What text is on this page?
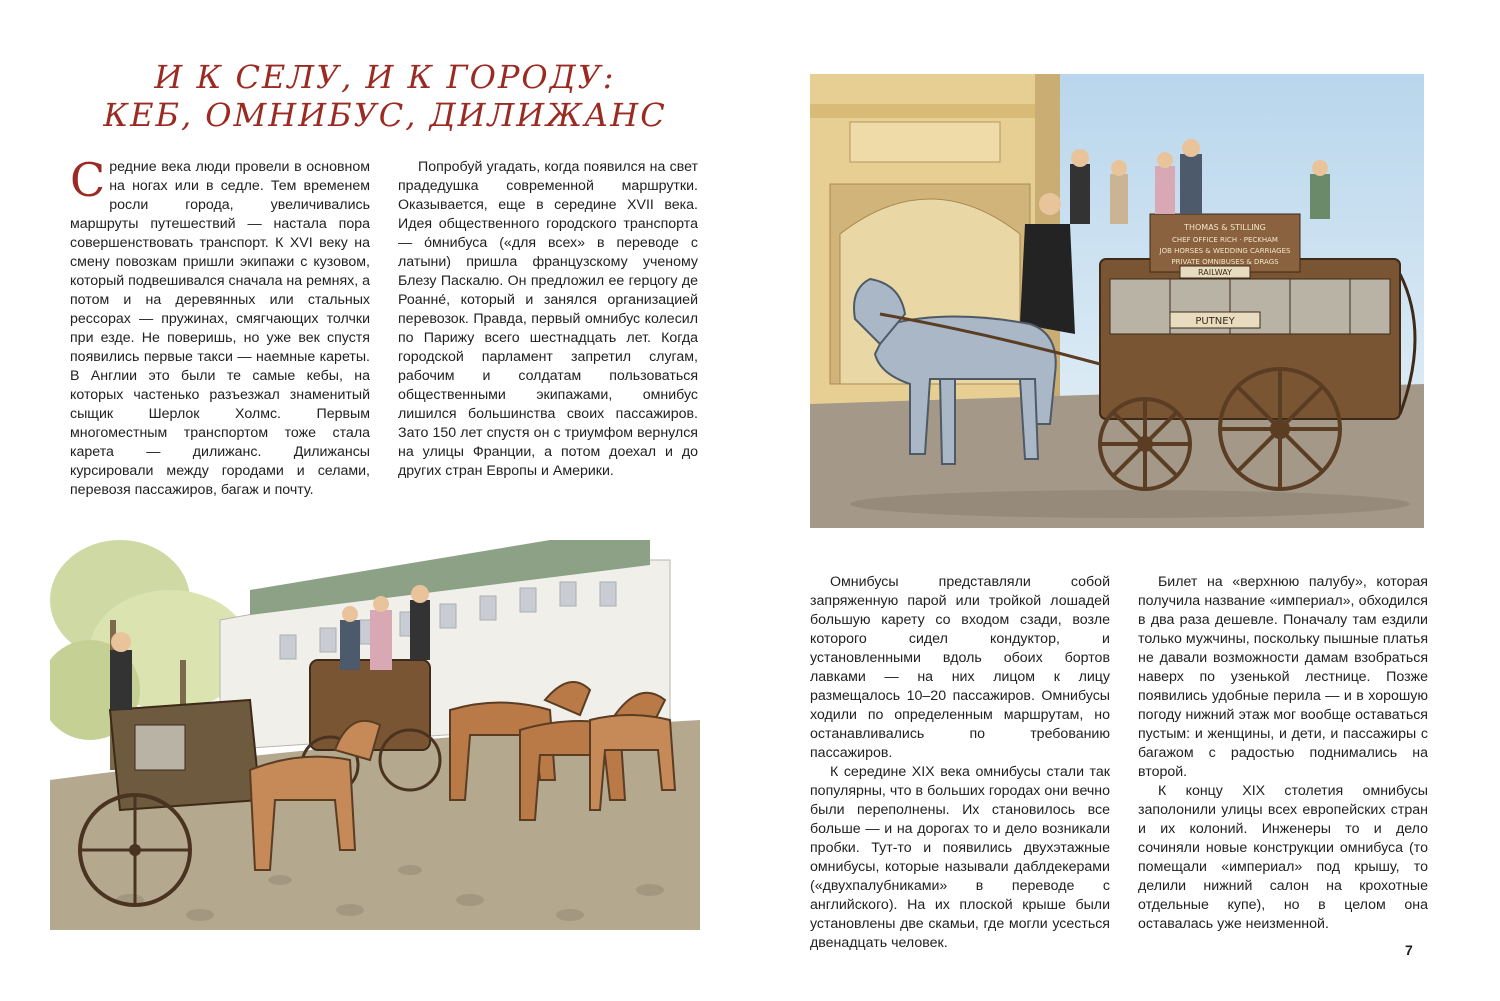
И К СЕЛУ, И К ГОРОДУ:
КЕБ, ОМНИБУС, ДИЛИЖАНС

Средние века люди провели в основном на ногах или в седле. Тем временем росли города, увеличивались маршруты путешествий — настала пора совершенствовать транспорт. К XVI веку на смену повозкам пришли экипажи с кузовом, который подвешивался сначала на ремнях, а потом и на деревянных или стальных рессорах — пружинах, смягчающих толчки при езде. Не поверишь, но уже век спустя появились первые такси — наемные кареты. В Англии это были те самые кебы, на которых частенько разъезжал знаменитый сыщик Шерлок Холмс. Первым многоместным транспортом тоже стала карета — дилижанс. Дилижансы курсировали между городами и селами, перевозя пассажиров, багаж и почту.

Попробуй угадать, когда появился на свет прадедушка современной маршрутки. Оказывается, еще в середине XVII века. Идея общественного городского транспорта — о́мнибуса («для всех» в переводе с латыни) пришла французскому ученому Блезу Паскалю. Он предложил ее герцогу де Роанне́, который и занялся организацией перевозок. Правда, первый омнибус колесил по Парижу всего шестнадцать лет. Когда городской парламент запретил слугам, рабочим и солдатам пользоваться общественными экипажами, омнибус лишился большинства своих пассажиров. Зато 150 лет спустя он с триумфом вернулся на улицы Франции, а потом доехал и до других стран Европы и Америки.

Омнибусы представляли собой запряженную парой или тройкой лошадей большую карету со входом сзади, возле которого сидел кондуктор, и установленными вдоль обоих бортов лавками — на них лицом к лицу размещалось 10–20 пассажиров. Омнибусы ходили по определенным маршрутам, но останавливались по требованию пассажиров.

К середине XIX века омнибусы стали так популярны, что в больших городах они вечно были переполнены. Их становилось все больше — и на дорогах то и дело возникали пробки. Тут-то и появились двухэтажные омнибусы, которые называли даблдекерами («двухпалубниками» в переводе с английского). На их плоской крыше были установлены две скамьи, где могли усесться двенадцать человек.

Билет на «верхнюю палубу», которая получила название «империал», обходился в два раза дешевле. Поначалу там ездили только мужчины, поскольку пышные платья не давали возможности дамам взобраться наверх по узенькой лестнице. Позже появились удобные перила — и в хорошую погоду нижний этаж мог вообще оставаться пустым: и женщины, и дети, и пассажиры с багажом с радостью поднимались на второй.

К концу XIX столетия омнибусы заполонили улицы всех европейских стран и их колоний. Инженеры то и дело сочиняли новые конструкции омнибуса (то помещали «империал» под крышу, то делили нижний салон на крохотные отдельные купе), но в целом она оставалась уже неизменной.

THOMAS & STILLING
CHEF OFFICE RICH · PECKHAM
JOB HORSES & WEDDING CARRIAGES
PRIVATE OMNIBUSES & DRAGS
RAILWAY
PUTNEY
7
